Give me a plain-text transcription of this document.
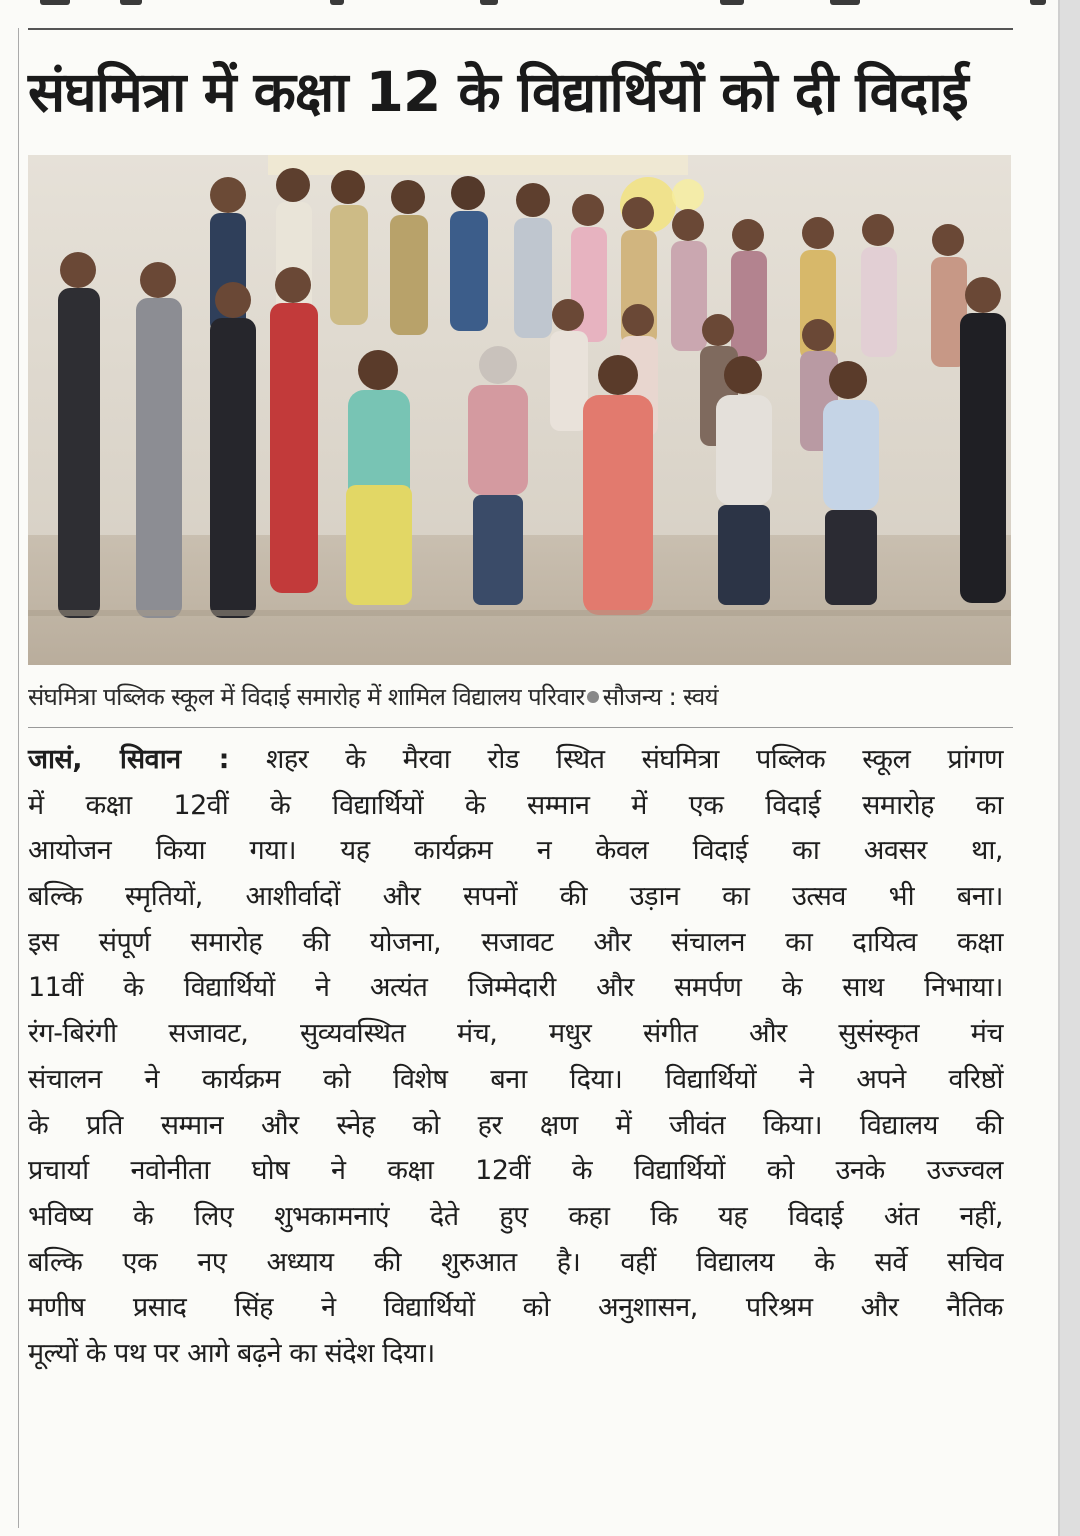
संघमित्रा में कक्षा 12 के विद्यार्थियों को दी विदाई
संघमित्रा पब्लिक स्कूल में विदाई समारोह में शामिल विद्यालय परिवार सौजन्य : स्वयं
जासं, सिवान : शहर के मैरवा रोड स्थित संघमित्रा पब्लिक स्कूल प्रांगण
में कक्षा 12वीं के विद्यार्थियों के सम्मान में एक विदाई समारोह का
आयोजन किया गया। यह कार्यक्रम न केवल विदाई का अवसर था,
बल्कि स्मृतियों, आशीर्वादों और सपनों की उड़ान का उत्सव भी बना।
इस संपूर्ण समारोह की योजना, सजावट और संचालन का दायित्व कक्षा
11वीं के विद्यार्थियों ने अत्यंत जिम्मेदारी और समर्पण के साथ निभाया।
रंग-बिरंगी सजावट, सुव्यवस्थित मंच, मधुर संगीत और सुसंस्कृत मंच
संचालन ने कार्यक्रम को विशेष बना दिया। विद्यार्थियों ने अपने वरिष्ठों
के प्रति सम्मान और स्नेह को हर क्षण में जीवंत किया। विद्यालय की
प्रचार्या नवोनीता घोष ने कक्षा 12वीं के विद्यार्थियों को उनके उज्ज्वल
भविष्य के लिए शुभकामनाएं देते हुए कहा कि यह विदाई अंत नहीं,
बल्कि एक नए अध्याय की शुरुआत है। वहीं विद्यालय के सर्वे सचिव
मणीष प्रसाद सिंह ने विद्यार्थियों को अनुशासन, परिश्रम और नैतिक
मूल्यों के पथ पर आगे बढ़ने का संदेश दिया।
